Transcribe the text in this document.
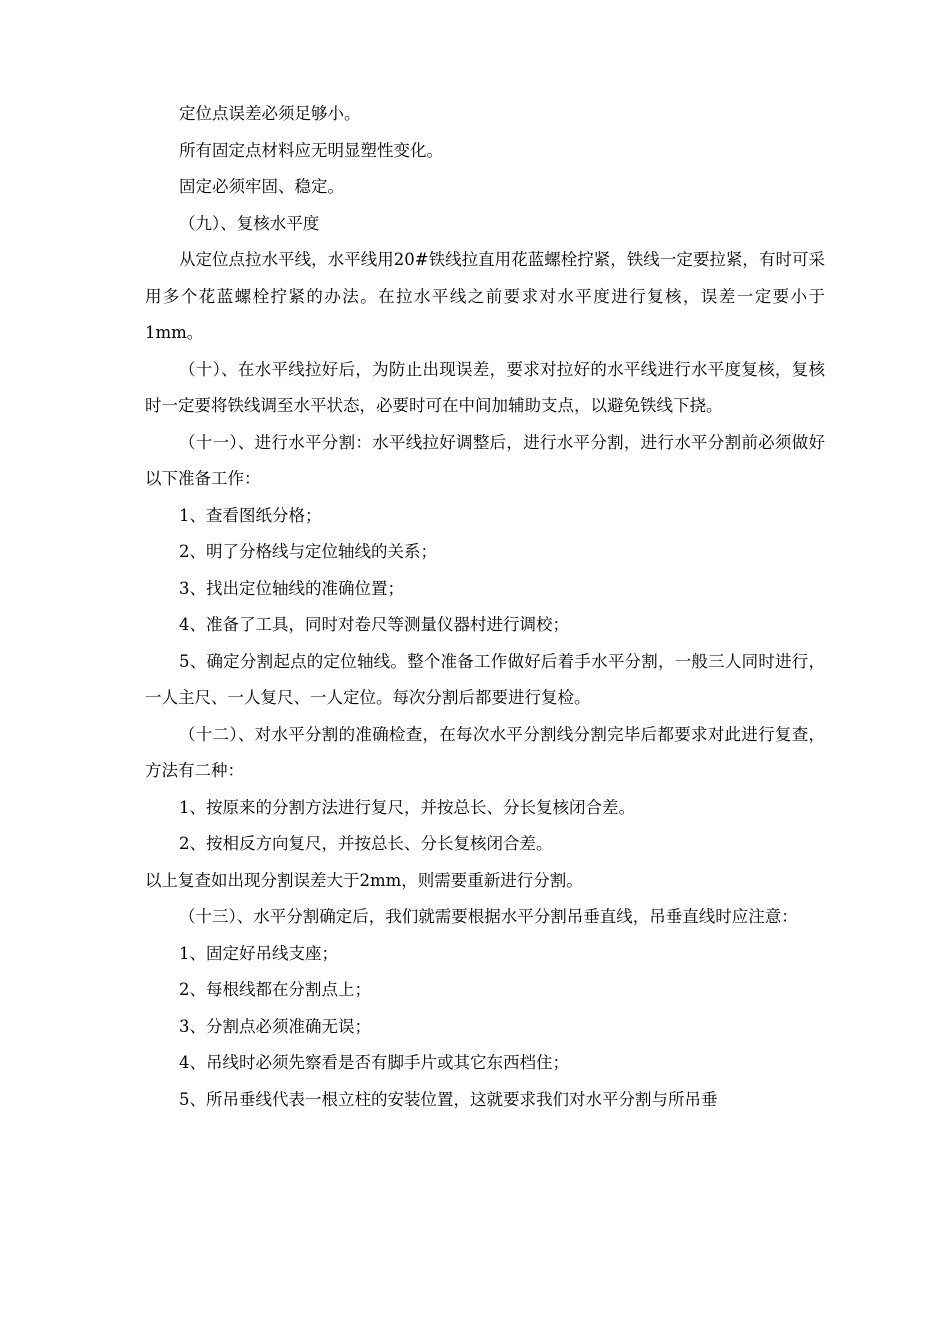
定位点误差必须足够小。

所有固定点材料应无明显塑性变化。

固定必须牢固、稳定。

（九）、复核水平度

从定位点拉水平线，水平线用20#铁线拉直用花蓝螺栓拧紧，铁线一定要拉紧，有时可采用多个花蓝螺栓拧紧的办法。在拉水平线之前要求对水平度进行复核，误差一定要小于1mm。

（十）、在水平线拉好后，为防止出现误差，要求对拉好的水平线进行水平度复核，复核时一定要将铁线调至水平状态，必要时可在中间加辅助支点，以避免铁线下挠。

（十一）、进行水平分割：水平线拉好调整后，进行水平分割，进行水平分割前必须做好以下准备工作：

1、查看图纸分格；

2、明了分格线与定位轴线的关系；

3、找出定位轴线的准确位置；

4、准备了工具，同时对卷尺等测量仪器村进行调校；

5、确定分割起点的定位轴线。整个准备工作做好后着手水平分割，一般三人同时进行，一人主尺、一人复尺、一人定位。每次分割后都要进行复检。

（十二）、对水平分割的准确检查，在每次水平分割线分割完毕后都要求对此进行复查，方法有二种：

1、按原来的分割方法进行复尺，并按总长、分长复核闭合差。

2、按相反方向复尺，并按总长、分长复核闭合差。

以上复查如出现分割误差大于2mm，则需要重新进行分割。

（十三）、水平分割确定后，我们就需要根据水平分割吊垂直线，吊垂直线时应注意：

1、固定好吊线支座；

2、每根线都在分割点上；

3、分割点必须准确无误；

4、吊线时必须先察看是否有脚手片或其它东西档住；

5、所吊垂线代表一根立柱的安装位置，这就要求我们对水平分割与所吊垂
